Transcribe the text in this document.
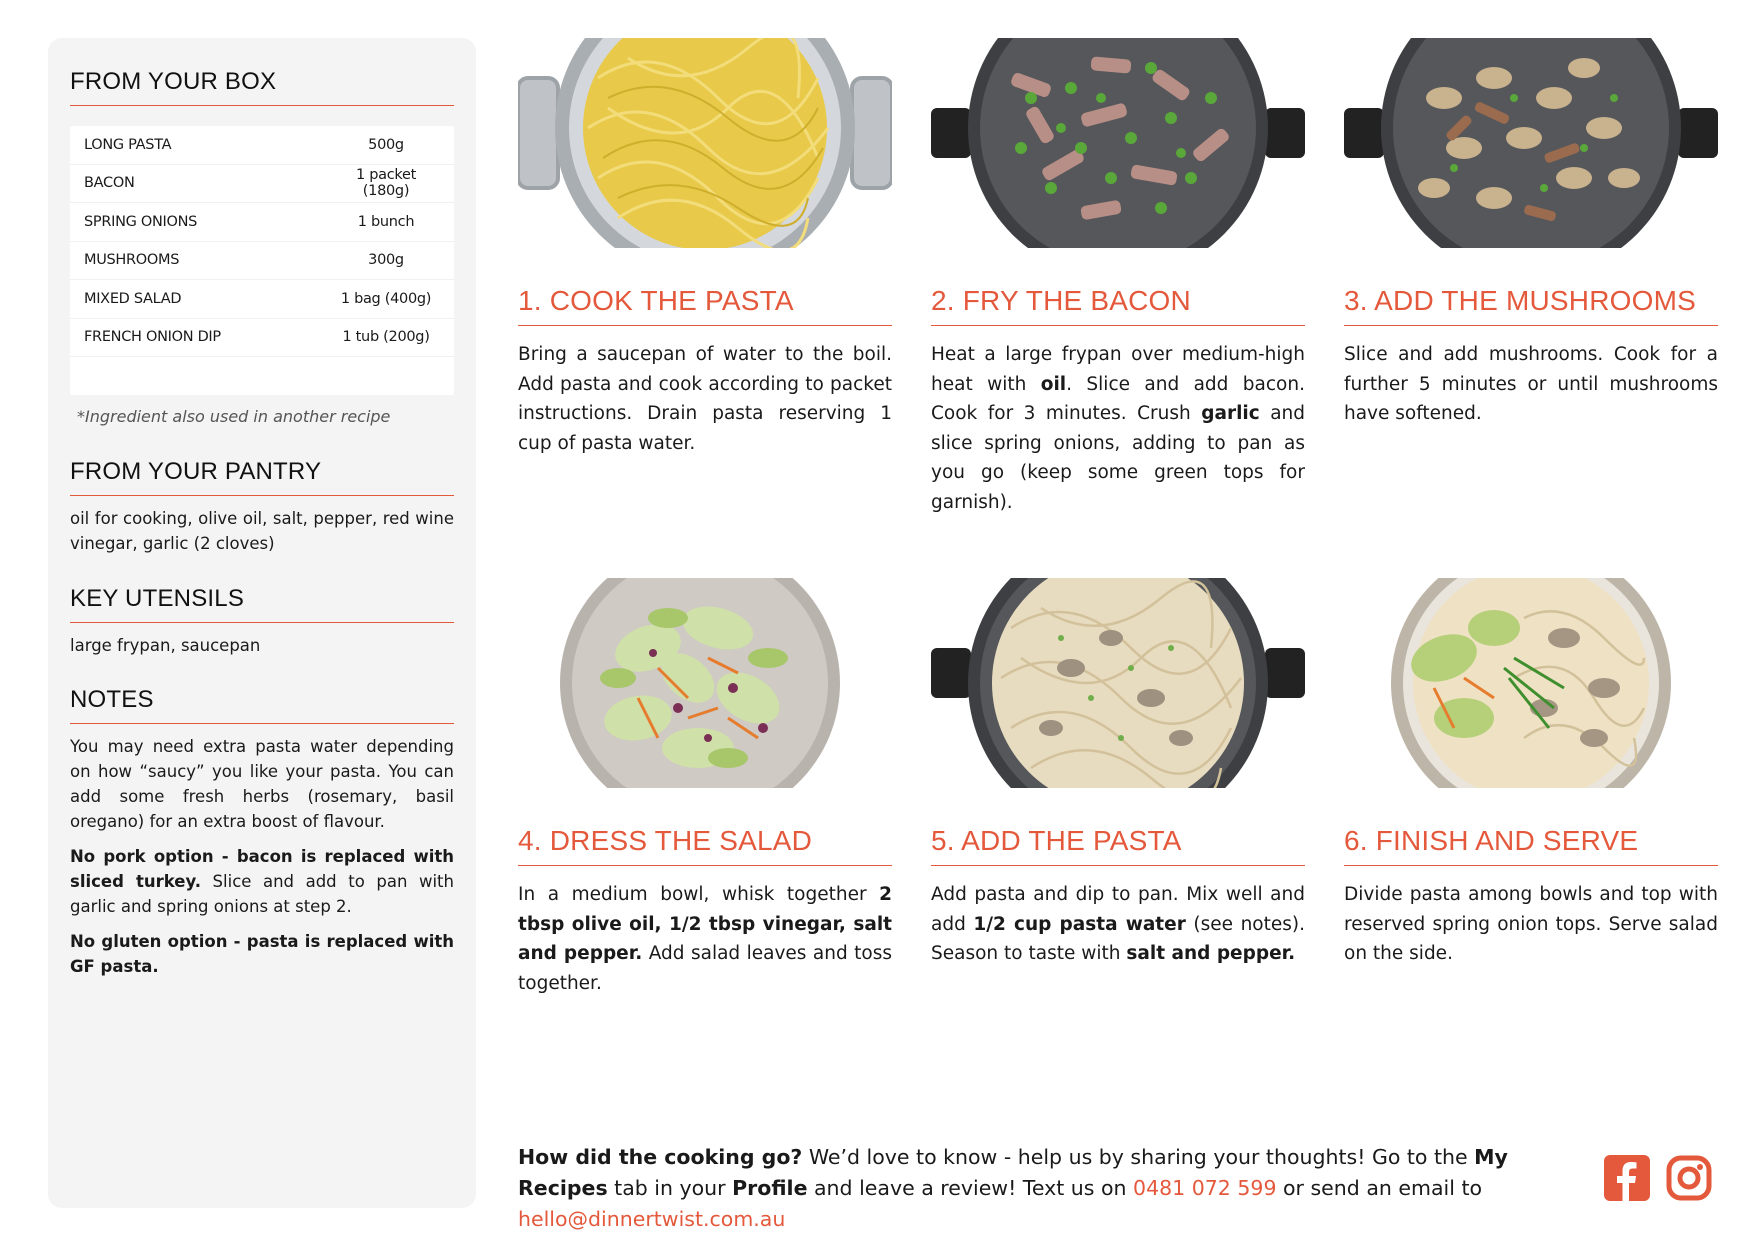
FROM YOUR BOX
LONG PASTA	500g
BACON	1 packet (180g)
SPRING ONIONS	1 bunch
MUSHROOMS	300g
MIXED SALAD	1 bag (400g)
FRENCH ONION DIP	1 tub (200g)
*Ingredient also used in another recipe
FROM YOUR PANTRY
oil for cooking, olive oil, salt, pepper, red wine vinegar, garlic (2 cloves)
KEY UTENSILS
large frypan, saucepan
NOTES
You may need extra pasta water depending on how “saucy” you like your pasta. You can add some fresh herbs (rosemary, basil oregano) for an extra boost of flavour.
No pork option - bacon is replaced with sliced turkey. Slice and add to pan with garlic and spring onions at step 2.
No gluten option - pasta is replaced with GF pasta.
1. COOK THE PASTA
Bring a saucepan of water to the boil. Add pasta and cook according to packet instructions. Drain pasta reserving 1 cup of pasta water.
2. FRY THE BACON
Heat a large frypan over medium-high heat with oil. Slice and add bacon. Cook for 3 minutes. Crush garlic and slice spring onions, adding to pan as you go (keep some green tops for garnish).
3. ADD THE MUSHROOMS
Slice and add mushrooms. Cook for a further 5 minutes or until mushrooms have softened.
4. DRESS THE SALAD
In a medium bowl, whisk together 2 tbsp olive oil, 1/2 tbsp vinegar, salt and pepper. Add salad leaves and toss together.
5. ADD THE PASTA
Add pasta and dip to pan. Mix well and add 1/2 cup pasta water (see notes). Season to taste with salt and pepper.
6. FINISH AND SERVE
Divide pasta among bowls and top with reserved spring onion tops. Serve salad on the side.
How did the cooking go? We’d love to know - help us by sharing your thoughts! Go to the My Recipes tab in your Profile and leave a review! Text us on 0481 072 599 or send an email to hello@dinnertwist.com.au
